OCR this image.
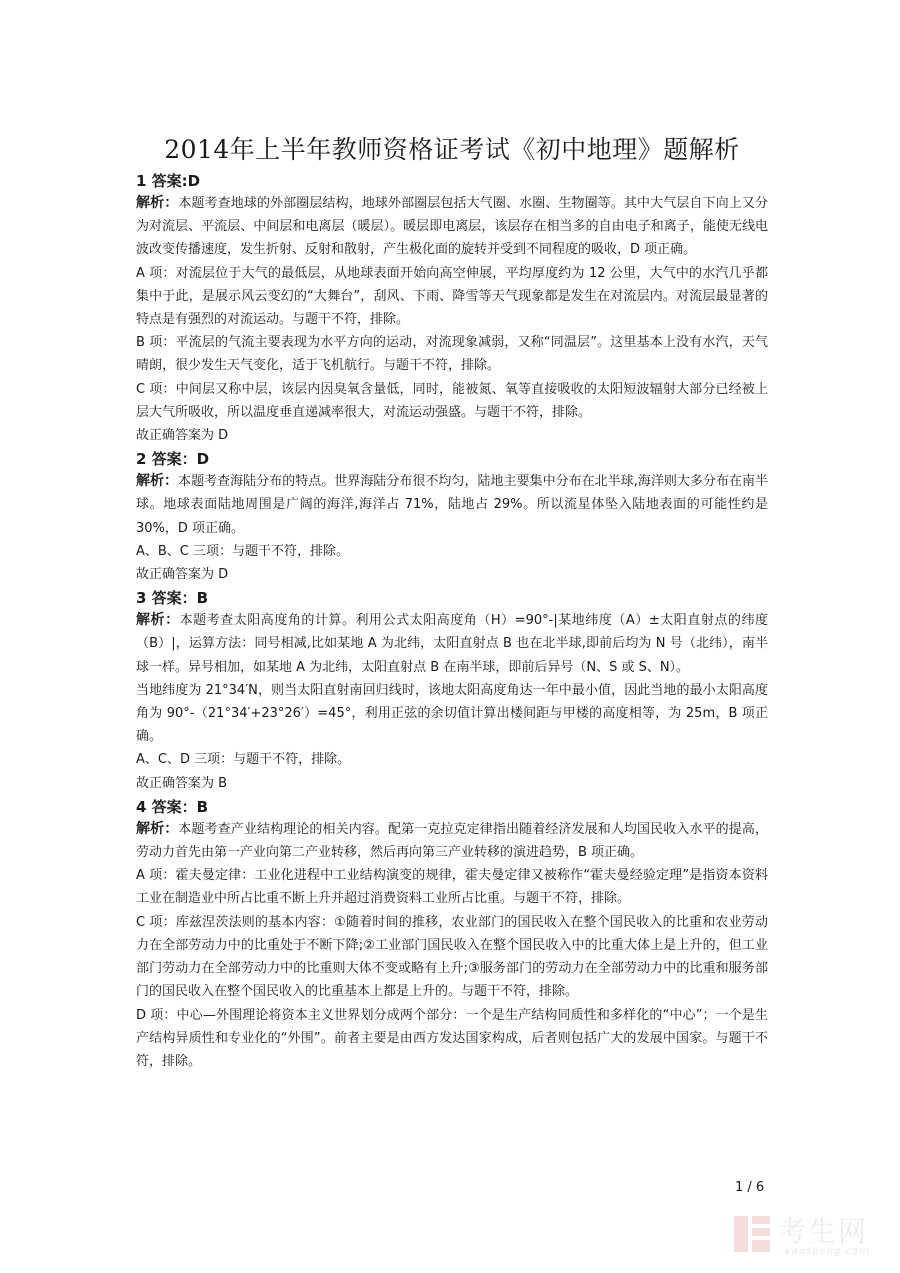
2014年上半年教师资格证考试《初中地理》题解析
1 答案:D

解析：本题考查地球的外部圈层结构，地球外部圈层包括大气圈、水圈、生物圈等。其中大气层自下向上又分为对流层、平流层、中间层和电离层（暖层）。暖层即电离层，该层存在相当多的自由电子和离子，能使无线电波改变传播速度，发生折射、反射和散射，产生极化面的旋转并受到不同程度的吸收，D 项正确。

A 项：对流层位于大气的最低层，从地球表面开始向高空伸展，平均厚度约为 12 公里，大气中的水汽几乎都集中于此，是展示风云变幻的“大舞台”，刮风、下雨、降雪等天气现象都是发生在对流层内。对流层最显著的特点是有强烈的对流运动。与题干不符，排除。

B 项：平流层的气流主要表现为水平方向的运动，对流现象减弱，又称“同温层”。这里基本上没有水汽，天气晴朗，很少发生天气变化，适于飞机航行。与题干不符，排除。

C 项：中间层又称中层，该层内因臭氧含量低，同时，能被氮、氧等直接吸收的太阳短波辐射大部分已经被上层大气所吸收，所以温度垂直递减率很大，对流运动强盛。与题干不符，排除。

故正确答案为 D

2 答案：D

解析：本题考查海陆分布的特点。世界海陆分布很不均匀，陆地主要集中分布在北半球,海洋则大多分布在南半球。地球表面陆地周围是广阔的海洋,海洋占 71%，陆地占 29%。所以流星体坠入陆地表面的可能性约是 30%，D 项正确。

A、B、C 三项：与题干不符，排除。

故正确答案为 D

3 答案：B

解析：本题考查太阳高度角的计算。利用公式太阳高度角（H）=90°-|某地纬度（A）±太阳直射点的纬度（B）|，运算方法：同号相减,比如某地 A 为北纬，太阳直射点 B 也在北半球,即前后均为 N 号（北纬），南半球一样。异号相加，如某地 A 为北纬，太阳直射点 B 在南半球，即前后异号（N、S 或 S、N）。

当地纬度为 21°34′N，则当太阳直射南回归线时，该地太阳高度角达一年中最小值，因此当地的最小太阳高度角为 90°-（21°34′+23°26′）=45°，利用正弦的余切值计算出楼间距与甲楼的高度相等，为 25m，B 项正确。

A、C、D 三项：与题干不符，排除。

故正确答案为 B

4 答案：B

解析：本题考查产业结构理论的相关内容。配第一克拉克定律指出随着经济发展和人均国民收入水平的提高，劳动力首先由第一产业向第二产业转移，然后再向第三产业转移的演进趋势，B 项正确。

A 项：霍夫曼定律：工业化进程中工业结构演变的规律，霍夫曼定律又被称作“霍夫曼经验定理”是指资本资料工业在制造业中所占比重不断上升并超过消费资料工业所占比重。与题干不符，排除。

C 项：库兹涅茨法则的基本内容：①随着时间的推移，农业部门的国民收入在整个国民收入的比重和农业劳动力在全部劳动力中的比重处于不断下降;②工业部门国民收入在整个国民收入中的比重大体上是上升的，但工业部门劳动力在全部劳动力中的比重则大体不变或略有上升;③服务部门的劳动力在全部劳动力中的比重和服务部门的国民收入在整个国民收入的比重基本上都是上升的。与题干不符，排除。

D 项：中心—外围理论将资本主义世界划分成两个部分：一个是生产结构同质性和多样化的“中心”；一个是生产结构异质性和专业化的“外围”。前者主要是由西方发达国家构成，后者则包括广大的发展中国家。与题干不符，排除。

1 / 6
考生网
kaosheng.com
